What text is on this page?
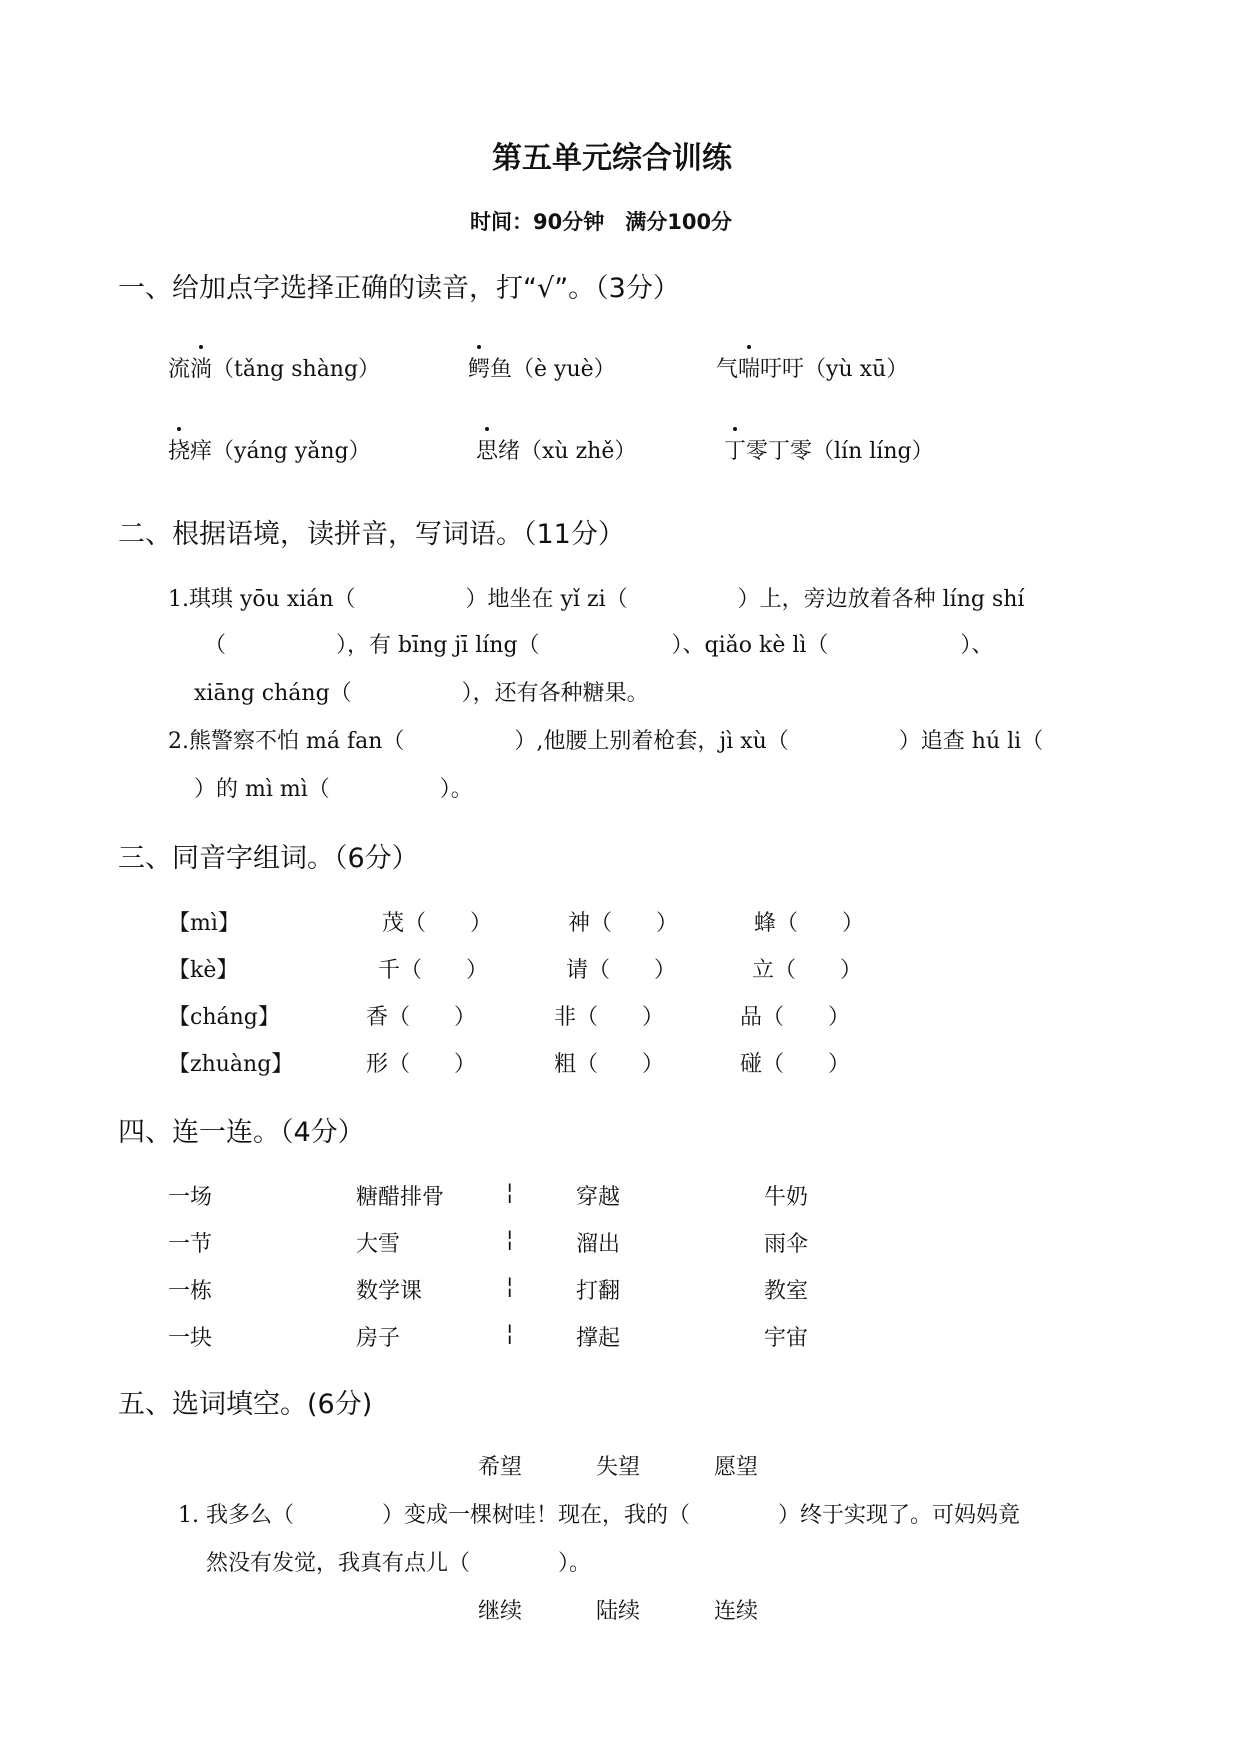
第五单元综合训练
时间：90分钟　满分100分
一、给加点字选择正确的读音，打“√”。（3分）
流淌（tǎng shàng）	鳄鱼（è yuè）	气喘吁吁（yù xū）
挠痒（yáng yǎng）	思绪（xù zhě）	丁零丁零（lín líng）
二、根据语境，读拼音，写词语。（11分）
1.琪琪 yōu xián（　　　　　）地坐在 yǐ zi（　　　　　）上，旁边放着各种 líng shí
（　　　　　），有 bīng jī líng（　　　　　　）、qiǎo kè lì（　　　　　　）、
xiāng cháng（　　　　　），还有各种糖果。
2.熊警察不怕 má fan（　　　　　）,他腰上别着枪套，jì xù（　　　　　）追查 hú li（
）的 mì mì（　　　　　）。
三、同音字组词。（6分）
【mì】	茂（　　）	神（　　）	蜂（　　）
【kè】	千（　　）	请（　　）	立（　　）
【cháng】	香（　　）	非（　　）	品（　　）
【zhuàng】	形（　　）	粗（　　）	碰（　　）
四、连一连。（4分）
一场	糖醋排骨	¦	穿越	牛奶
一节	大雪	¦	溜出	雨伞
一栋	数学课	¦	打翻	教室
一块	房子	¦	撑起	宇宙
五、选词填空。(6分)
希望	失望	愿望
1. 我多么（　　　　）变成一棵树哇！现在，我的（　　　　）终于实现了。可妈妈竟
然没有发觉，我真有点儿（　　　　）。
继续	陆续	连续
